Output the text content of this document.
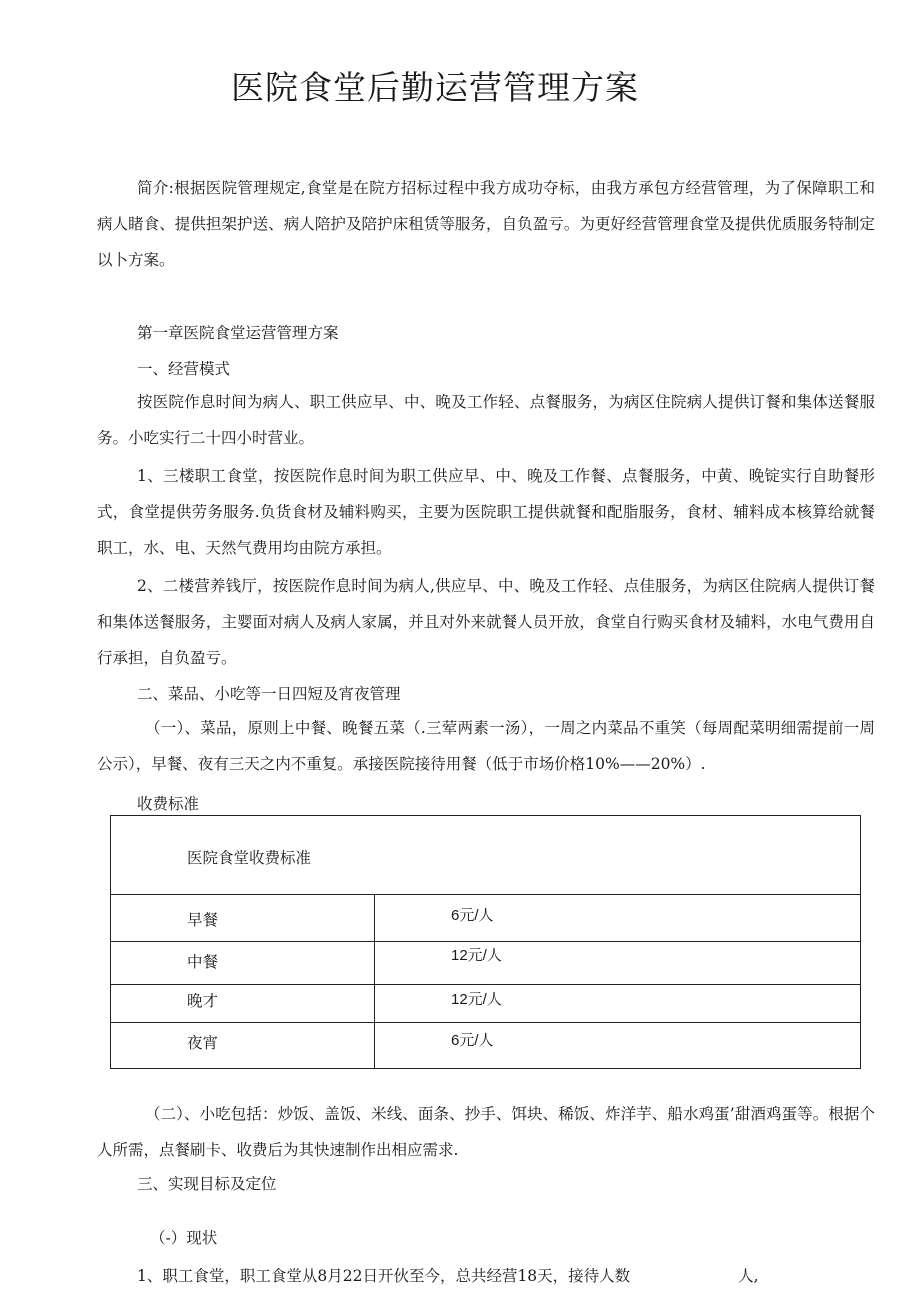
医院食堂后勤运营管理方案
简介:根据医院管理规定,食堂是在院方招标过程中我方成功夺标，由我方承包方经营管理，为了保障职工和病人睹食、提供担架护送、病人陪护及陪护床租赁等服务，自负盈亏。为更好经营管理食堂及提供优质服务特制定以卜方案。
第一章医院食堂运营管理方案
一、经营模式
按医院作息时间为病人、职工供应早、中、晚及工作轻、点餐服务，为病区住院病人提供订餐和集体送餐服务。小吃实行二十四小时营业。
1、三楼职工食堂，按医院作息时间为职工供应早、中、晚及工作餐、点餐服务，中黄、晚锭实行自助餐形式，食堂提供劳务服务.负货食材及辅料购买，主要为医院职工提供就餐和配脂服务，食材、辅料成本核算给就餐职工，水、电、天然气费用均由院方承担。
2、二楼营养钱厅，按医院作息时间为病人,供应早、中、晚及工作轻、点佳服务，为病区住院病人提供订餐和集体送餐服务，主婴面对病人及病人家属，并且对外来就餐人员开放，食堂自行购买食材及辅料，水电气费用自行承担，自负盈亏。
二、菜品、小吃等一日四短及宵夜管理
（一）、菜品，原则上中餐、晚餐五菜（.三荤两素一汤），一周之内菜品不重笑（每周配菜明细需提前一周公示），早餐、夜有三天之内不重复。承接医院接待用餐（低于市场价格10%——20%）.
收费标准
医院食堂收费标准
早餐	6元/人
中餐	12元/人
晚才	12元/人
夜宵	6元/人
（二）、小吃包括：炒饭、盖饭、米线、面条、抄手、饵块、稀饭、炸洋芋、船水鸡蛋’甜酒鸡蛋等。根据个人所需，点餐刷卡、收费后为其快速制作出相应需求.
三、实现目标及定位
（-）现状
1、职工食堂，职工食堂从8月22日开伙至今，总共经营18天，接待人数	人,
